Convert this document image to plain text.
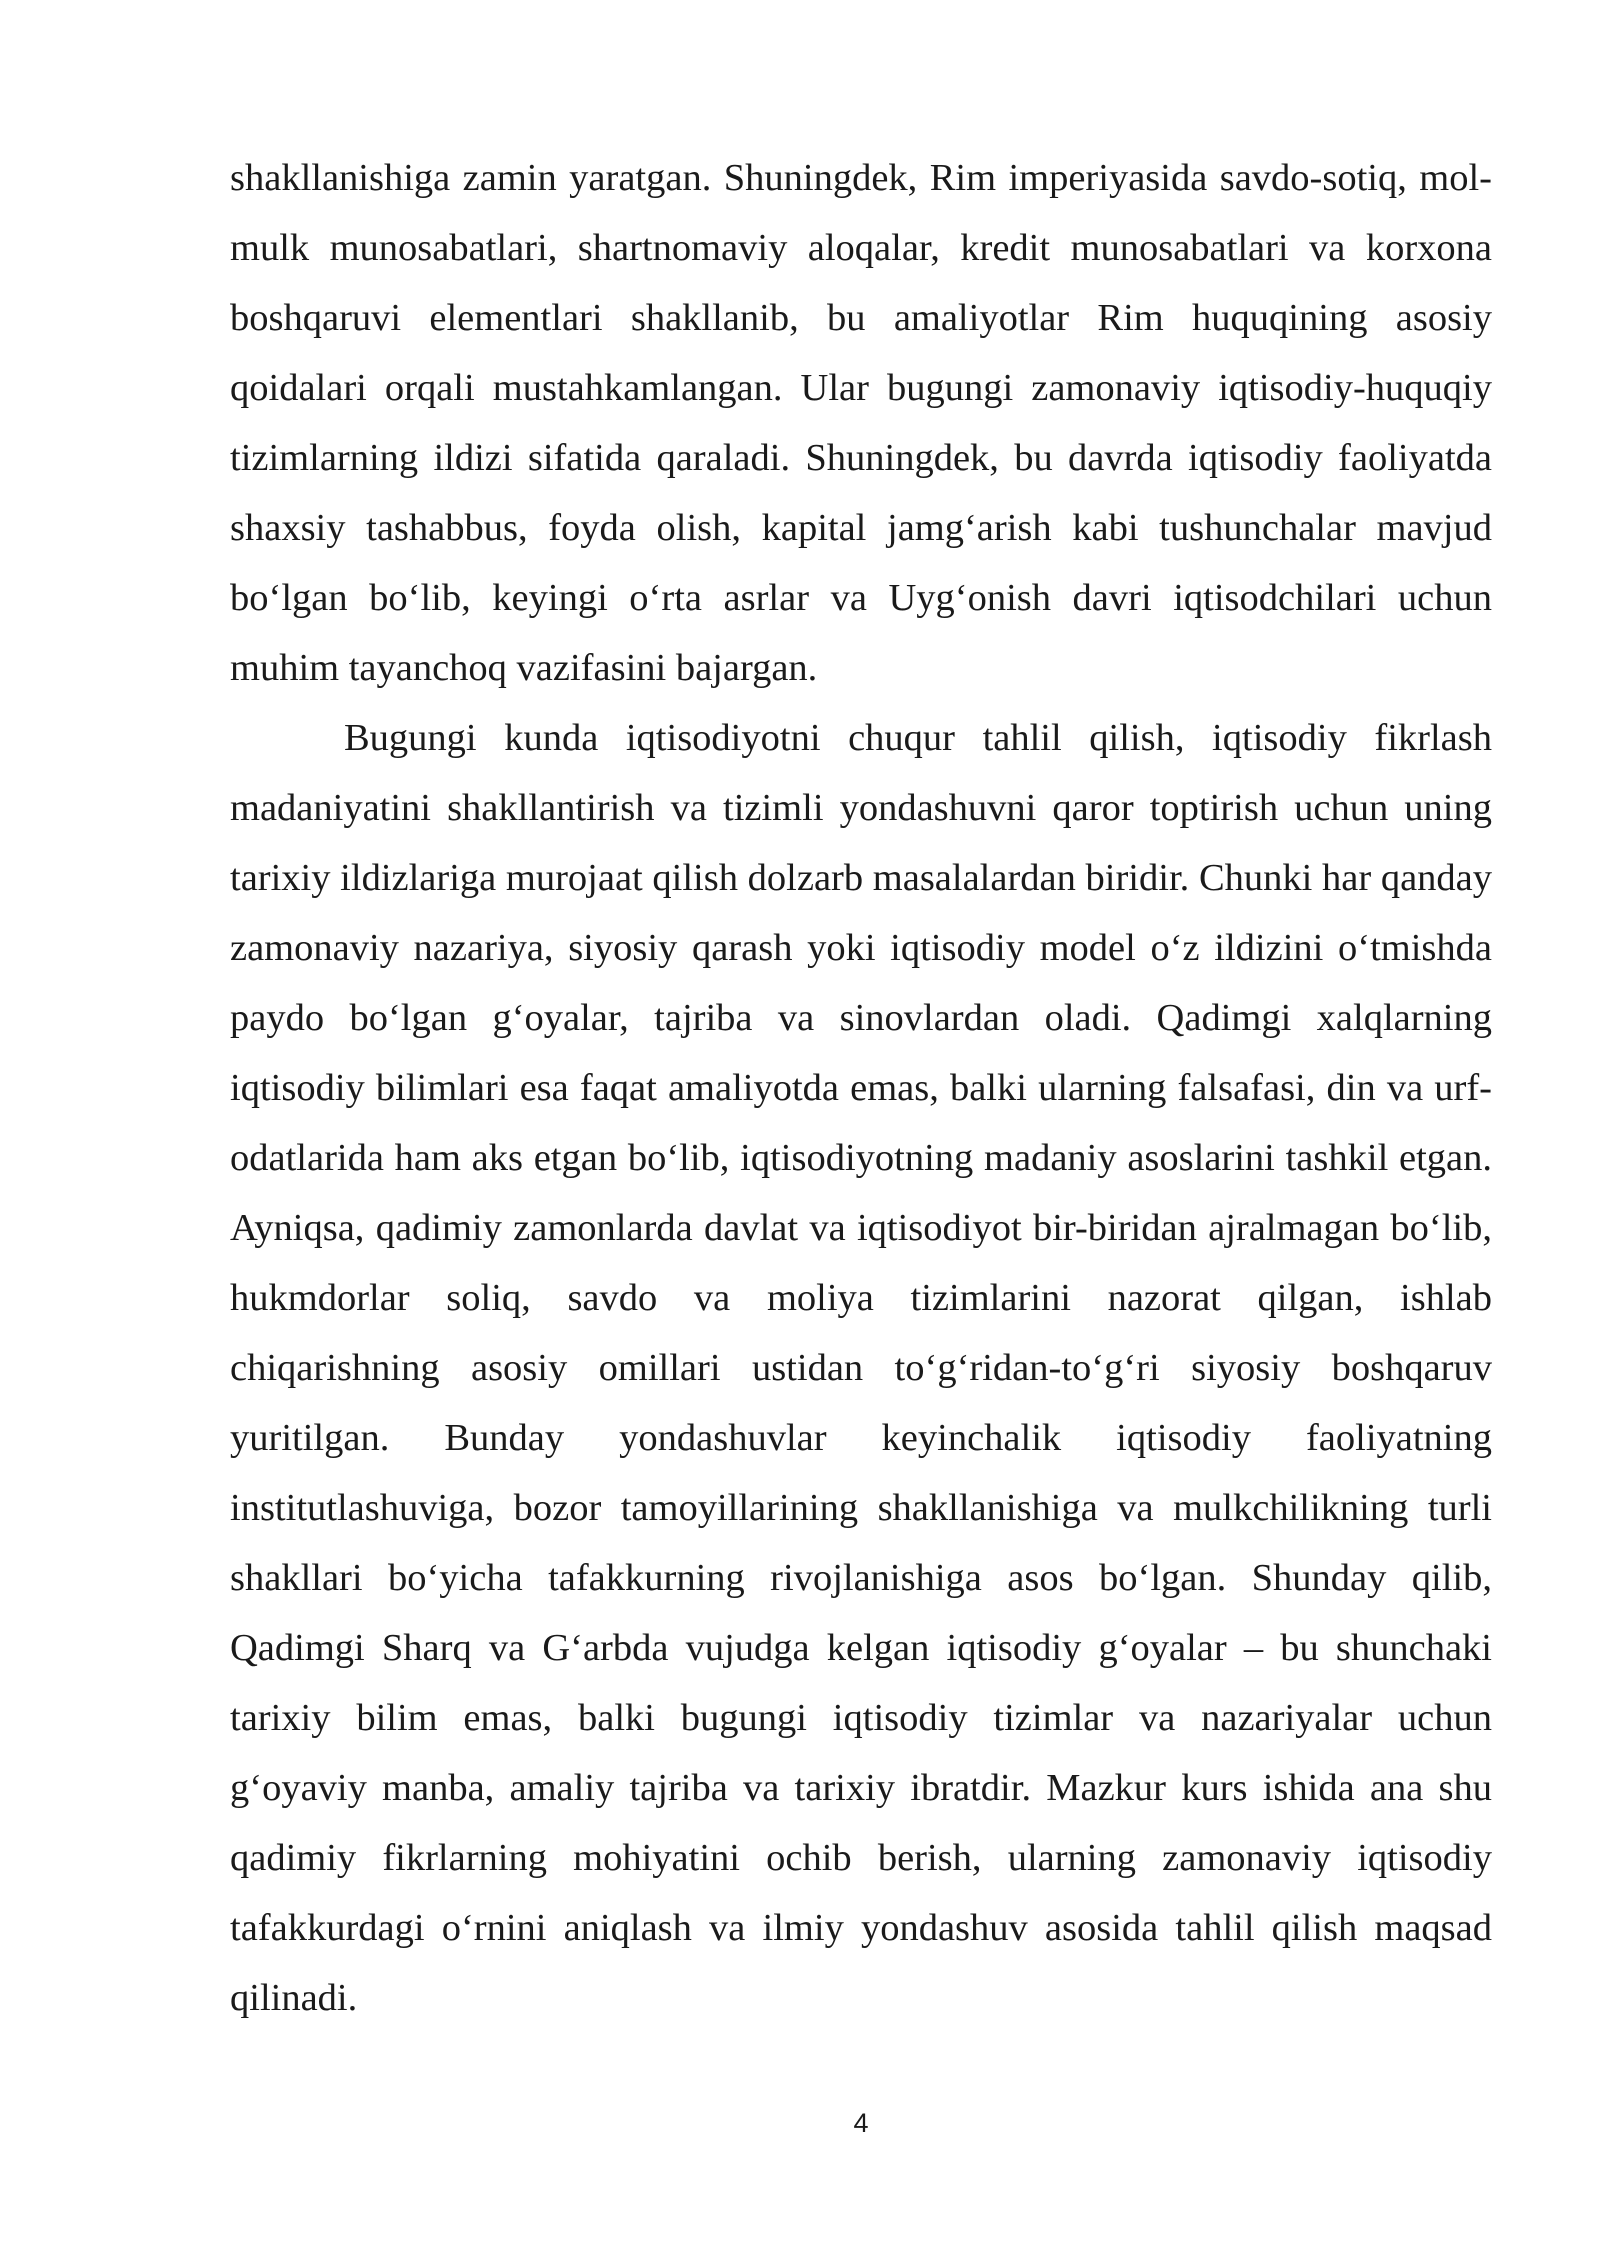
shakllanishiga zamin yaratgan. Shuningdek, Rim imperiyasida savdo-sotiq, mol-mulk munosabatlari, shartnomaviy aloqalar, kredit munosabatlari va korxona boshqaruvi elementlari shakllanib, bu amaliyotlar Rim huquqining asosiy qoidalari orqali mustahkamlangan. Ular bugungi zamonaviy iqtisodiy-huquqiy tizimlarning ildizi sifatida qaraladi. Shuningdek, bu davrda iqtisodiy faoliyatda shaxsiy tashabbus, foyda olish, kapital jamg‘arish kabi tushunchalar mavjud bo‘lgan bo‘lib, keyingi o‘rta asrlar va Uyg‘onish davri iqtisodchilari uchun muhim tayanchoq vazifasini bajargan.

Bugungi kunda iqtisodiyotni chuqur tahlil qilish, iqtisodiy fikrlash madaniyatini shakllantirish va tizimli yondashuvni qaror toptirish uchun uning tarixiy ildizlariga murojaat qilish dolzarb masalalardan biridir. Chunki har qanday zamonaviy nazariya, siyosiy qarash yoki iqtisodiy model o‘z ildizini o‘tmishda paydo bo‘lgan g‘oyalar, tajriba va sinovlardan oladi. Qadimgi xalqlarning iqtisodiy bilimlari esa faqat amaliyotda emas, balki ularning falsafasi, din va urf-odatlarida ham aks etgan bo‘lib, iqtisodiyotning madaniy asoslarini tashkil etgan. Ayniqsa, qadimiy zamonlarda davlat va iqtisodiyot bir-biridan ajralmagan bo‘lib, hukmdorlar soliq, savdo va moliya tizimlarini nazorat qilgan, ishlab chiqarishning asosiy omillari ustidan to‘g‘ridan-to‘g‘ri siyosiy boshqaruv yuritilgan. Bunday yondashuvlar keyinchalik iqtisodiy faoliyatning institutlashuviga, bozor tamoyillarining shakllanishiga va mulkchilikning turli shakllari bo‘yicha tafakkurning rivojlanishiga asos bo‘lgan. Shunday qilib, Qadimgi Sharq va G‘arbda vujudga kelgan iqtisodiy g‘oyalar – bu shunchaki tarixiy bilim emas, balki bugungi iqtisodiy tizimlar va nazariyalar uchun g‘oyaviy manba, amaliy tajriba va tarixiy ibratdir. Mazkur kurs ishida ana shu qadimiy fikrlarning mohiyatini ochib berish, ularning zamonaviy iqtisodiy tafakkurdagi o‘rnini aniqlash va ilmiy yondashuv asosida tahlil qilish maqsad qilinadi.

4
